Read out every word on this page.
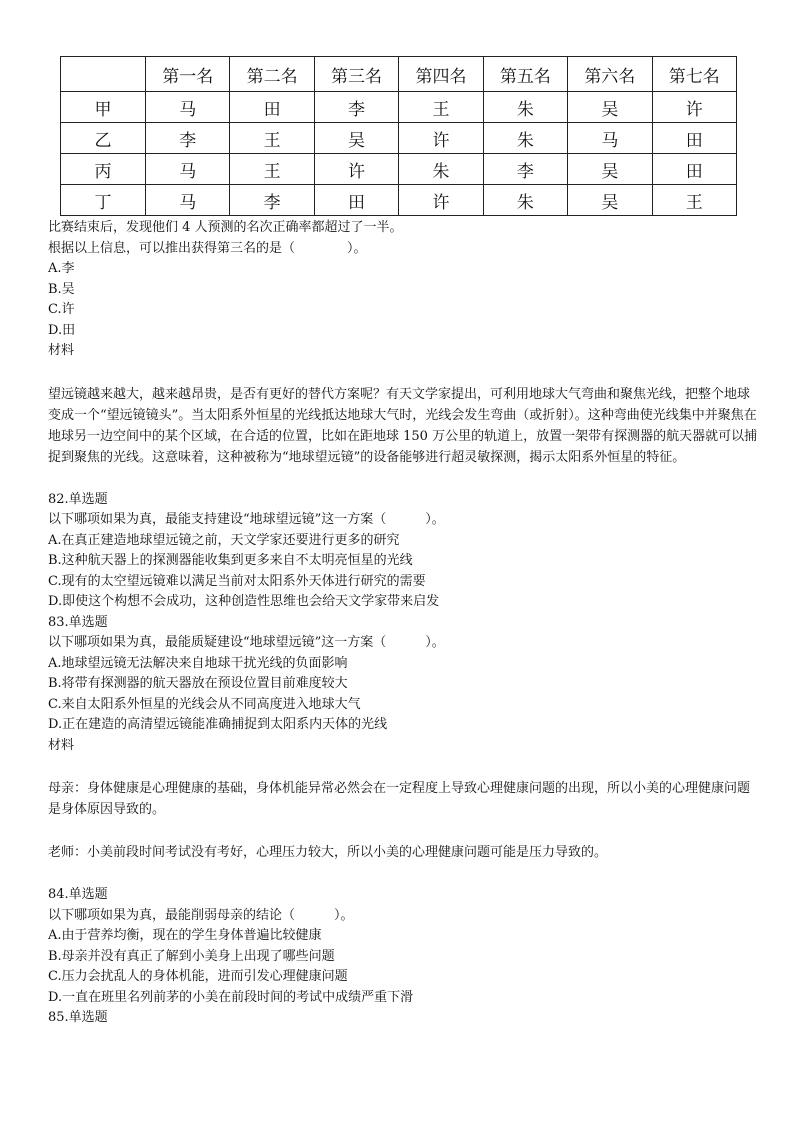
	第一名	第二名	第三名	第四名	第五名	第六名	第七名
甲	马	田	李	王	朱	吴	许
乙	李	王	吴	许	朱	马	田
丙	马	王	许	朱	李	吴	田
丁	马	李	田	许	朱	吴	王
比赛结束后，发现他们 4 人预测的名次正确率都超过了一半。
根据以上信息，可以推出获得第三名的是（　　　　）。
A.李
B.吴
C.许
D.田
材料
望远镜越来越大，越来越昂贵，是否有更好的替代方案呢？有天文学家提出，可利用地球大气弯曲和聚焦光线，把整个地球变成一个“望远镜镜头”。当太阳系外恒星的光线抵达地球大气时，光线会发生弯曲（或折射）。这种弯曲使光线集中并聚焦在地球另一边空间中的某个区域，在合适的位置，比如在距地球 150 万公里的轨道上，放置一架带有探测器的航天器就可以捕捉到聚焦的光线。这意味着，这种被称为“地球望远镜”的设备能够进行超灵敏探测，揭示太阳系外恒星的特征。
82.单选题
以下哪项如果为真，最能支持建设“地球望远镜”这一方案（　　　）。
A.在真正建造地球望远镜之前，天文学家还要进行更多的研究
B.这种航天器上的探测器能收集到更多来自不太明亮恒星的光线
C.现有的太空望远镜难以满足当前对太阳系外天体进行研究的需要
D.即使这个构想不会成功，这种创造性思维也会给天文学家带来启发
83.单选题
以下哪项如果为真，最能质疑建设“地球望远镜”这一方案（　　　）。
A.地球望远镜无法解决来自地球干扰光线的负面影响
B.将带有探测器的航天器放在预设位置目前难度较大
C.来自太阳系外恒星的光线会从不同高度进入地球大气
D.正在建造的高清望远镜能准确捕捉到太阳系内天体的光线
材料
母亲：身体健康是心理健康的基础，身体机能异常必然会在一定程度上导致心理健康问题的出现，所以小美的心理健康问题是身体原因导致的。
老师：小美前段时间考试没有考好，心理压力较大，所以小美的心理健康问题可能是压力导致的。
84.单选题
以下哪项如果为真，最能削弱母亲的结论（　　　）。
A.由于营养均衡，现在的学生身体普遍比较健康
B.母亲并没有真正了解到小美身上出现了哪些问题
C.压力会扰乱人的身体机能，进而引发心理健康问题
D.一直在班里名列前茅的小美在前段时间的考试中成绩严重下滑
85.单选题
